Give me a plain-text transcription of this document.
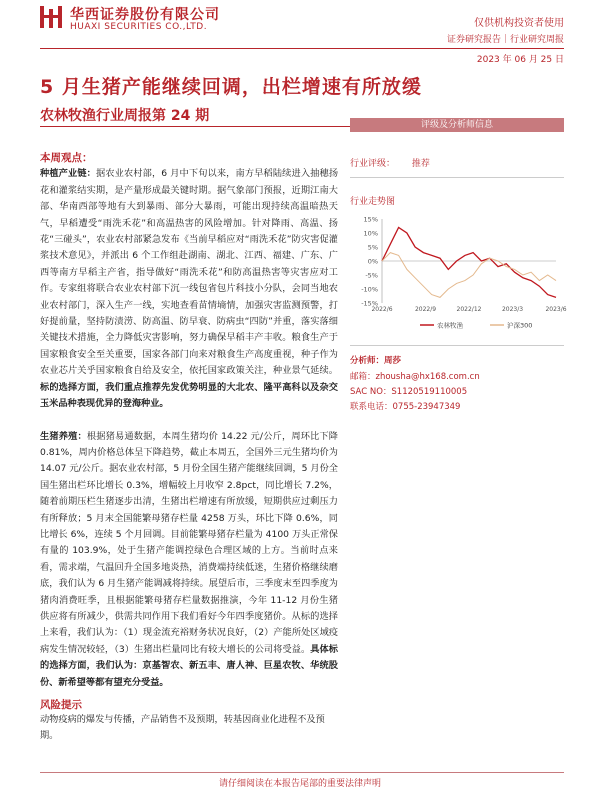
华西证券股份有限公司
HUAXI SECURITIES CO.,LTD.	仅供机构投资者使用
证券研究报告｜行业研究周报
2023 年 06 月 25 日
5 月生猪产能继续回调，出栏增速有所放缓
农林牧渔行业周报第 24 期
本周观点：

种植产业链：据农业农村部，6 月中下旬以来，南方早稻陆续进入抽穗扬花和灌浆结实期，是产量形成最关键时期。据气象部门预报，近期江南大部、华南西部等地有大到暴雨、部分大暴雨，可能出现持续高温暗热天气，早稻遭受“雨洗禾花”和高温热害的风险增加。针对降雨、高温、扬花“三碰头”，农业农村部紧急发布《当前早稻应对“雨洗禾花”防灾害促灌浆技术意见》，并派出 6 个工作组赴湖南、湖北、江西、福建、广东、广西等南方早稻主产省，指导做好“雨洗禾花”和防高温热害等灾害应对工作。专家组将联合农业农村部下沉一线包省包片科技小分队，会同当地农业农村部门，深入生产一线，实地查看苗情墒情，加强灾害监测预警，打好提前量，坚持防渍涝、防高温、防早衰、防病虫“四防”并重，落实落细关键技术措施，全力降低灾害影响，努力确保早稻丰产丰收。粮食生产于国家粮食安全至关重要，国家各部门向来对粮食生产高度重视，种子作为农业芯片关乎国家粮食自给及安全，依托国家政策关注，种业景气延续。标的选择方面，我们重点推荐先发优势明显的大北农、隆平高科以及杂交玉米品种表现优异的登海种业。

生猪养殖：根据猪易通数据，本周生猪均价 14.22 元/公斤，周环比下降 0.81%，周内价格总体呈下降趋势，截止本周五，全国外三元生猪均价为 14.07 元/公斤。据农业农村部，5 月份全国生猪产能继续回调，5 月份全国生猪出栏环比增长 0.3%，增幅较上月收窄 2.8pct，同比增长 7.2%，随着前期压栏生猪逐步出清，生猪出栏增速有所放缓，短期供应过剩压力有所释放；5 月末全国能繁母猪存栏量 4258 万头，环比下降 0.6%，同比增长 6%，连续 5 个月回调。目前能繁母猪存栏量为 4100 万头正常保有量的 103.9%，处于生猪产能调控绿色合理区域的上方。当前时点来看，需求端，气温回升全国多地炎热，消费端持续低迷，生猪价格继续磨底，我们认为 6 月生猪产能调减将持续。展望后市，三季度末至四季度为猪肉消费旺季，且根据能繁母猪存栏量数据推演，今年 11-12 月份生猪供应将有所减少，供需共同作用下我们看好今年四季度猪价。从标的选择上来看，我们认为：（1）现金流充裕财务状况良好，（2）产能所处区域疫病发生情况较轻，（3）生猪出栏量同比有较大增长的公司将受益。具体标的选择方面，我们认为：京基智农、新五丰、唐人神、巨星农牧、华统股份、新希望等都有望充分受益。

风险提示
动物疫病的爆发与传播，产品销售不及预期，转基因商业化进程不及预期。
评级及分析师信息
行业评级： 推荐
行业走势图
15%
10%
5%
0%
-5%
-10%
-15%
2022/6	2022/9	2022/12	2023/3	2023/6
农林牧渔	沪深300
分析师：周莎
邮箱：zhousha@hx168.com.cn
SAC NO：S1120519110005
联系电话：0755-23947349
请仔细阅读在本报告尾部的重要法律声明
